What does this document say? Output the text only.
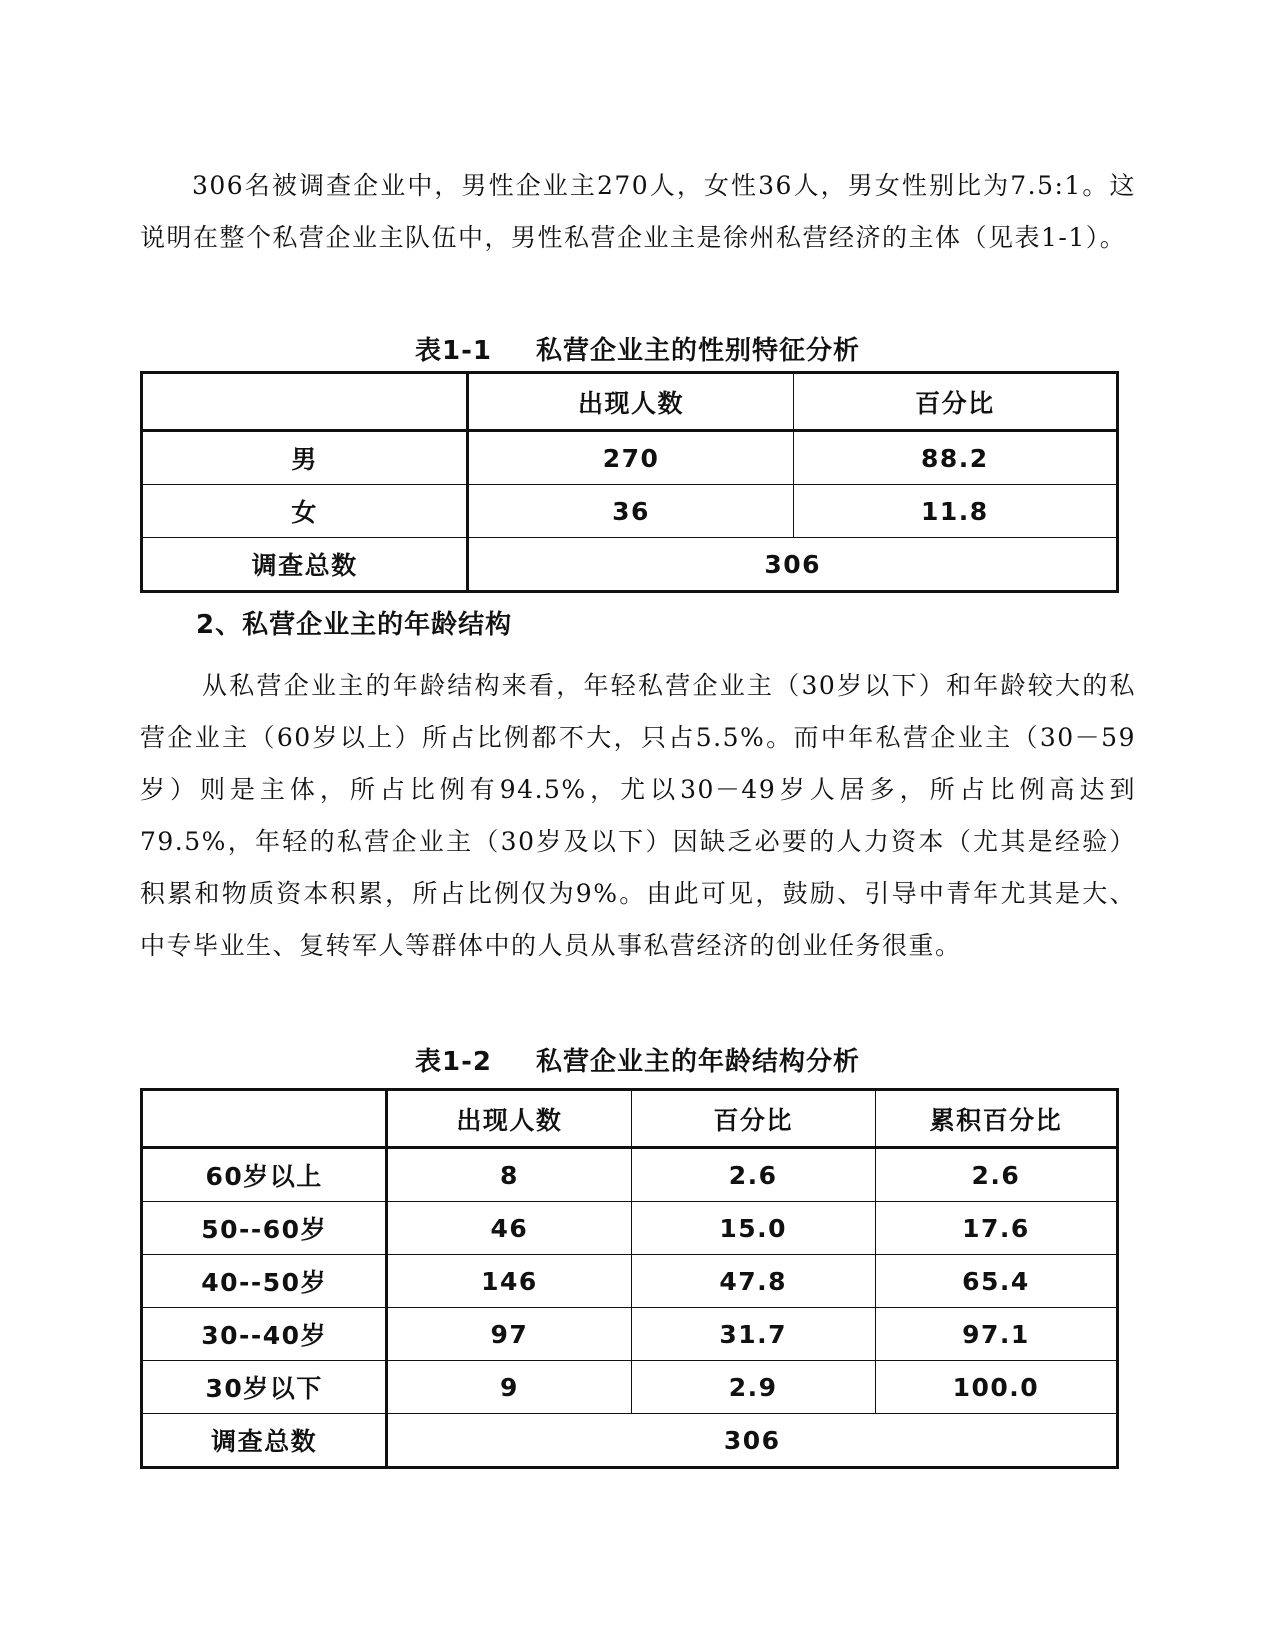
306名被调查企业中，男性企业主270人，女性36人，男女性别比为7.5:1。这说明在整个私营企业主队伍中，男性私营企业主是徐州私营经济的主体（见表1-1）。

表1-1 私营企业主的性别特征分析
	出现人数	百分比
男	270	88.2
女	36	11.8
调查总数	306	

2、私营企业主的年龄结构

从私营企业主的年龄结构来看，年轻私营企业主（30岁以下）和年龄较大的私营企业主（60岁以上）所占比例都不大，只占5.5%。而中年私营企业主（30－59岁）则是主体，所占比例有94.5%，尤以30－49岁人居多，所占比例高达到79.5%，年轻的私营企业主（30岁及以下）因缺乏必要的人力资本（尤其是经验）积累和物质资本积累，所占比例仅为9%。由此可见，鼓励、引导中青年尤其是大、中专毕业生、复转军人等群体中的人员从事私营经济的创业任务很重。

表1-2 私营企业主的年龄结构分析
	出现人数	百分比	累积百分比
60岁以上	8	2.6	2.6
50--60岁	46	15.0	17.6
40--50岁	146	47.8	65.4
30--40岁	97	31.7	97.1
30岁以下	9	2.9	100.0
调查总数	306		
